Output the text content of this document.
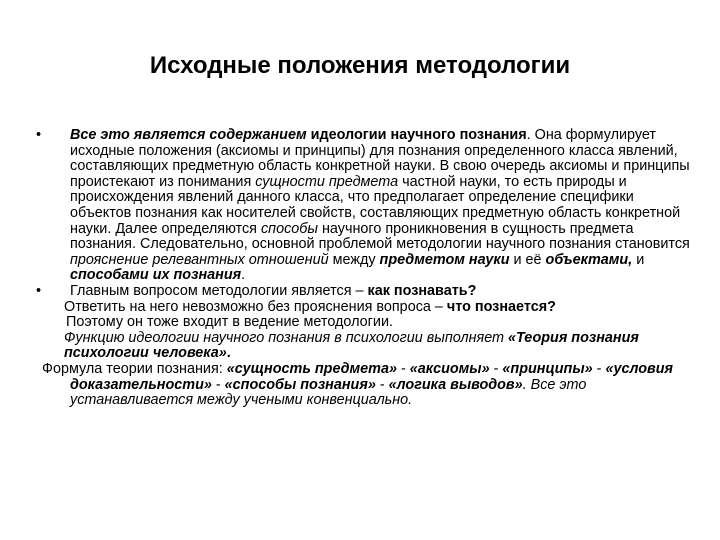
Исходные положения методологии
• Все это является содержанием идеологии научного познания. Она формулирует исходные положения (аксиомы и принципы) для познания определенного класса явлений, составляющих предметную область конкретной науки. В свою очередь аксиомы и принципы проистекают из понимания сущности предмета частной науки, то есть природы и происхождения явлений данного класса, что предполагает определение специфики объектов познания как носителей свойств, составляющих предметную область конкретной науки. Далее определяются способы научного проникновения в сущность предмета познания. Следовательно, основной проблемой методологии научного познания становится прояснение релевантных отношений между предметом науки и её объектами, и способами их познания.
• Главным вопросом методологии является – как познавать?
Ответить на него невозможно без прояснения вопроса – что познается?
Поэтому он тоже входит в ведение методологии.
Функцию идеологии научного познания в психологии выполняет «Теория познания психологии человека».
Формула теории познания: «сущность предмета» - «аксиомы» - «принципы» - «условия доказательности» - «способы познания» - «логика выводов». Все это устанавливается между учеными конвенциально.
